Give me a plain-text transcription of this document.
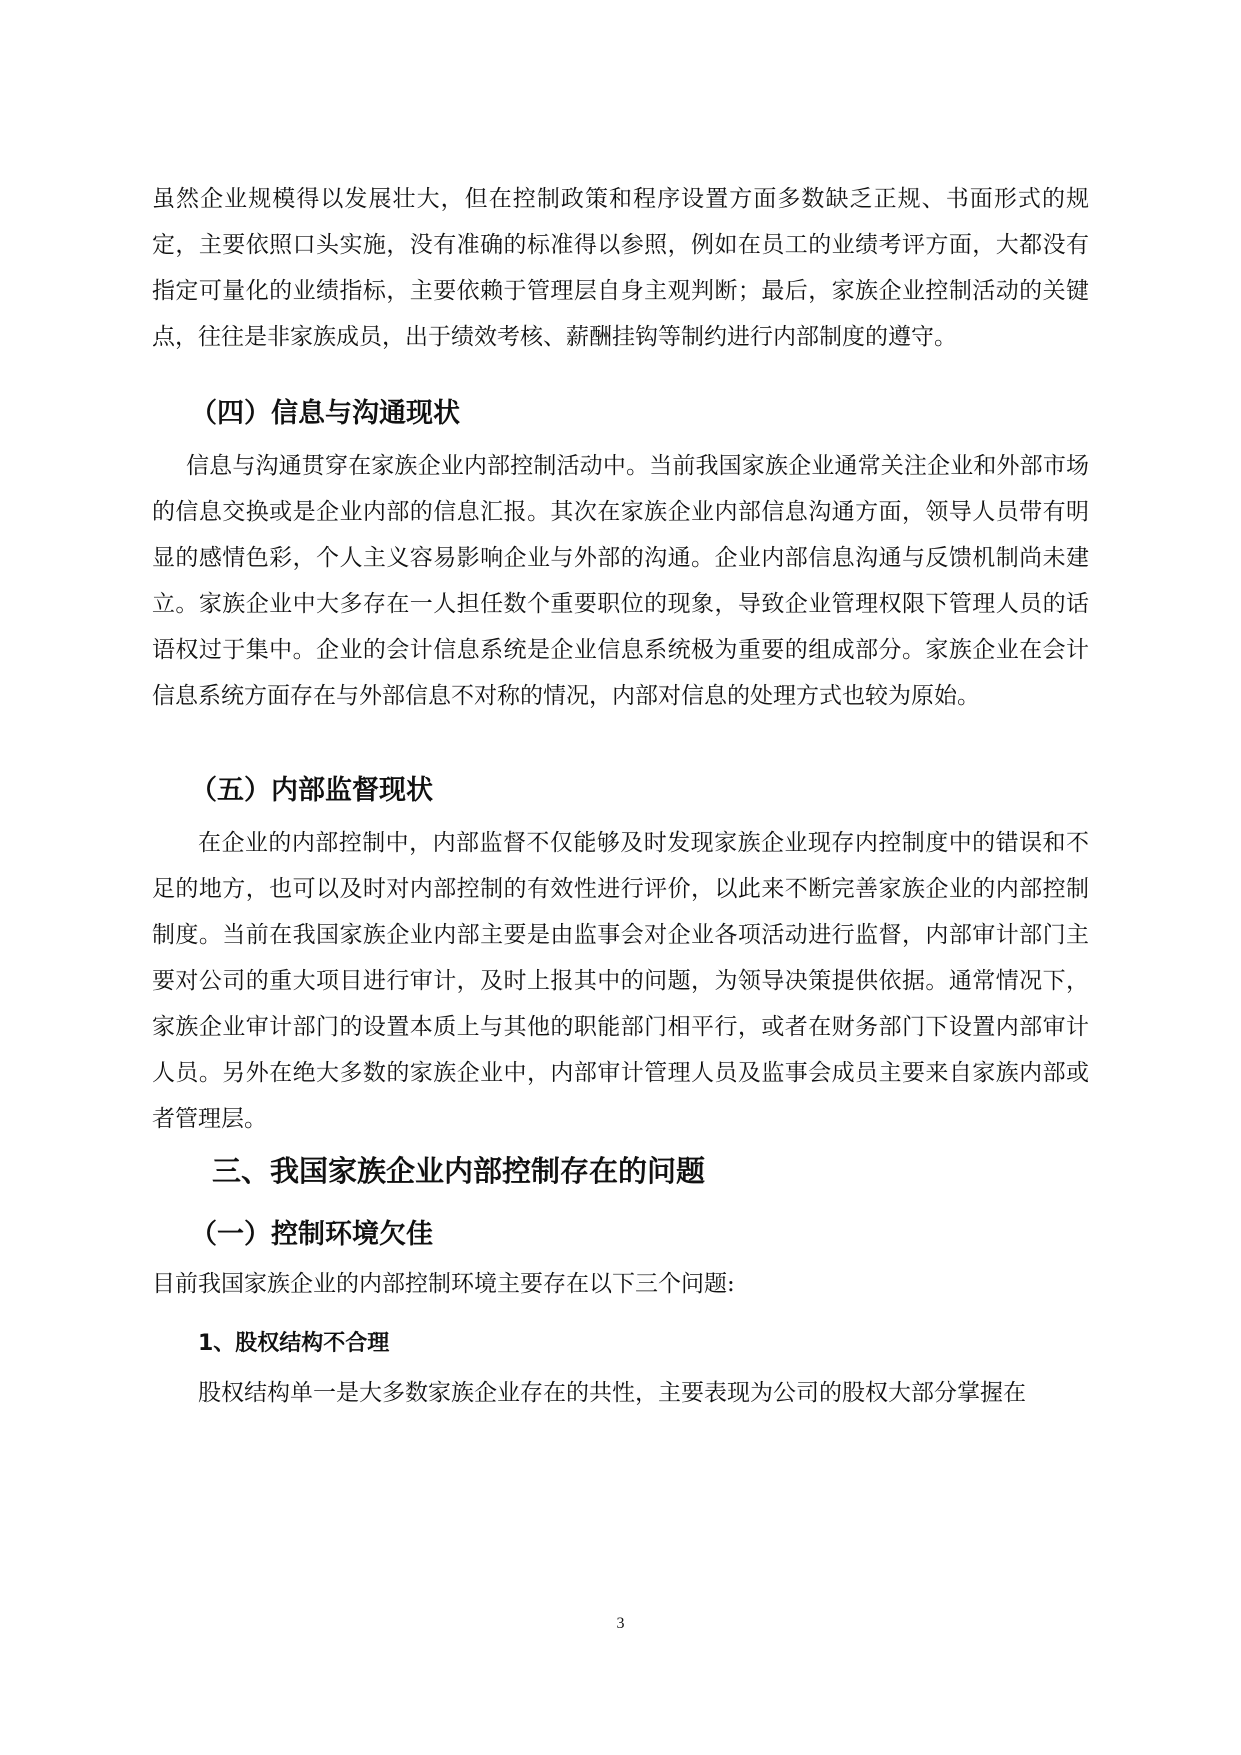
虽然企业规模得以发展壮大，但在控制政策和程序设置方面多数缺乏正规、书面形式的规定，主要依照口头实施，没有准确的标准得以参照，例如在员工的业绩考评方面，大都没有指定可量化的业绩指标，主要依赖于管理层自身主观判断；最后，家族企业控制活动的关键点，往往是非家族成员，出于绩效考核、薪酬挂钩等制约进行内部制度的遵守。

（四）信息与沟通现状

信息与沟通贯穿在家族企业内部控制活动中。当前我国家族企业通常关注企业和外部市场的信息交换或是企业内部的信息汇报。其次在家族企业内部信息沟通方面，领导人员带有明显的感情色彩，个人主义容易影响企业与外部的沟通。企业内部信息沟通与反馈机制尚未建立。家族企业中大多存在一人担任数个重要职位的现象，导致企业管理权限下管理人员的话语权过于集中。企业的会计信息系统是企业信息系统极为重要的组成部分。家族企业在会计信息系统方面存在与外部信息不对称的情况，内部对信息的处理方式也较为原始。

（五）内部监督现状

在企业的内部控制中，内部监督不仅能够及时发现家族企业现存内控制度中的错误和不足的地方，也可以及时对内部控制的有效性进行评价，以此来不断完善家族企业的内部控制制度。当前在我国家族企业内部主要是由监事会对企业各项活动进行监督，内部审计部门主要对公司的重大项目进行审计，及时上报其中的问题，为领导决策提供依据。通常情况下，家族企业审计部门的设置本质上与其他的职能部门相平行，或者在财务部门下设置内部审计人员。另外在绝大多数的家族企业中，内部审计管理人员及监事会成员主要来自家族内部或者管理层。

三、我国家族企业内部控制存在的问题
（一）控制环境欠佳

目前我国家族企业的内部控制环境主要存在以下三个问题:

1、股权结构不合理

股权结构单一是大多数家族企业存在的共性，主要表现为公司的股权大部分掌握在

3
